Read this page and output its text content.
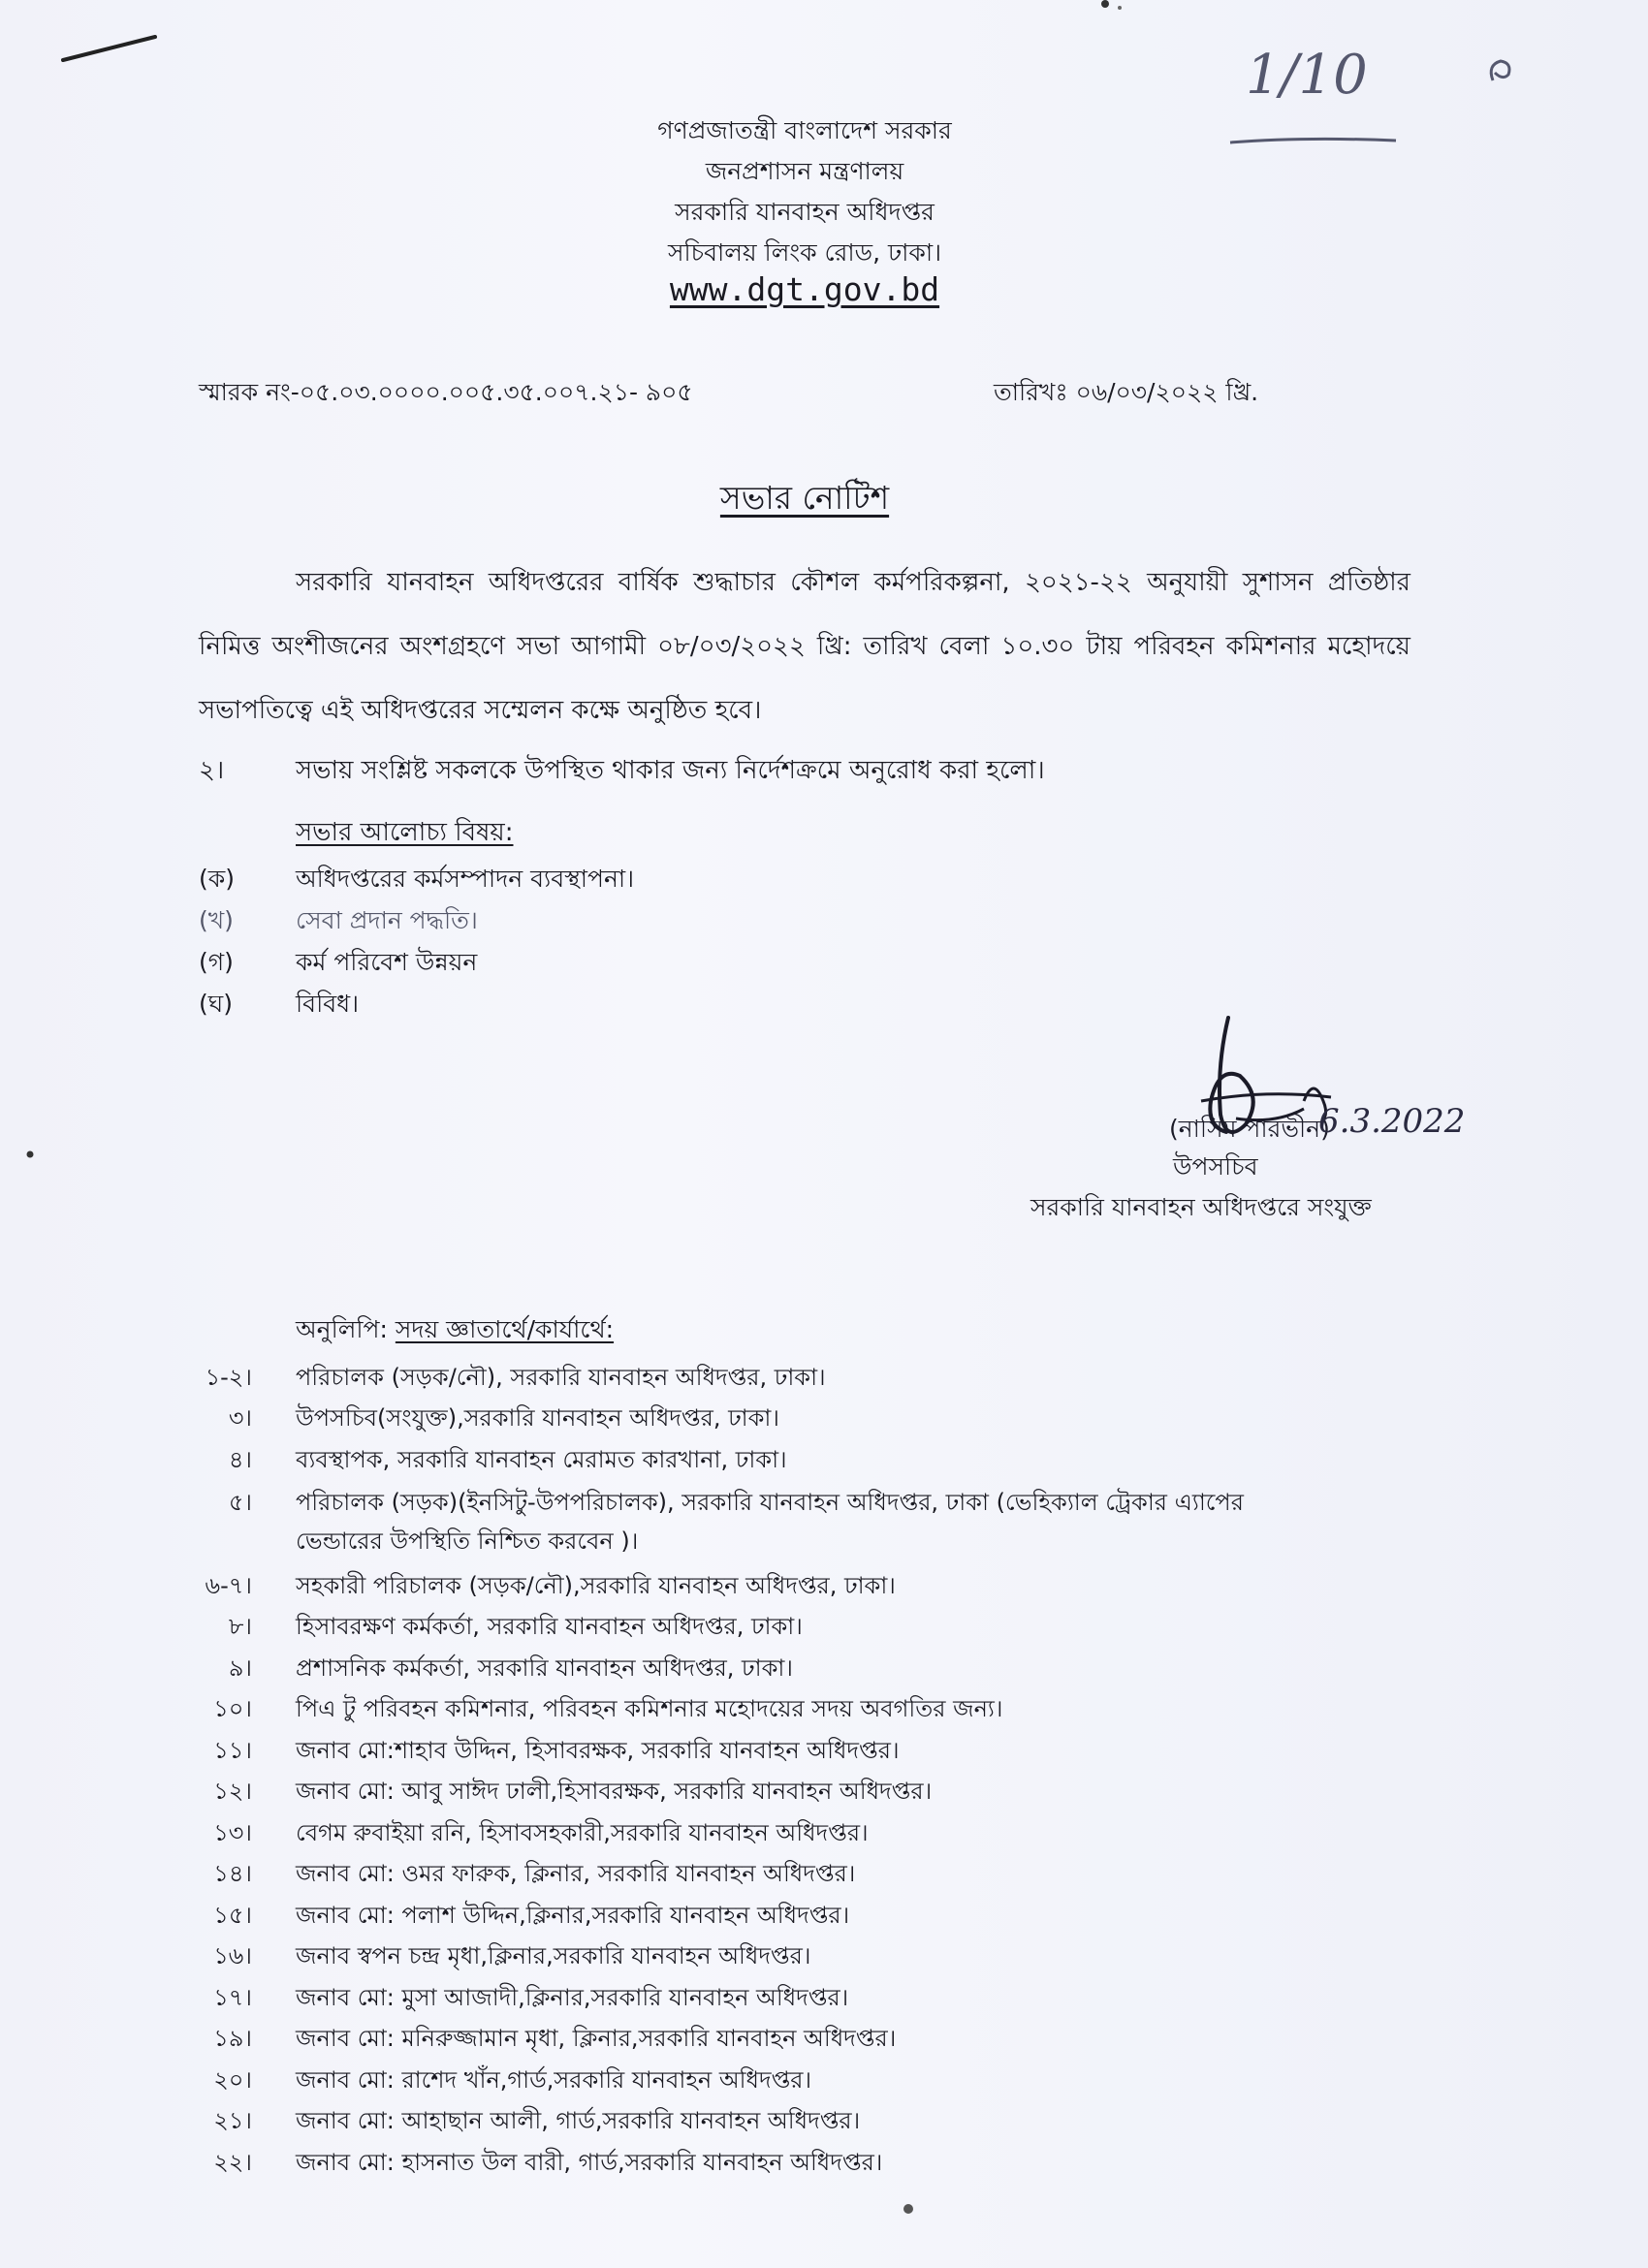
1/10
গণপ্রজাতন্ত্রী বাংলাদেশ সরকার
জনপ্রশাসন মন্ত্রণালয়
সরকারি যানবাহন অধিদপ্তর
সচিবালয় লিংক রোড, ঢাকা।
www.dgt.gov.bd
স্মারক নং-০৫.০৩.০০০০.০০৫.৩৫.০০৭.২১- ৯০৫	তারিখঃ ০৬/০৩/২০২২ খ্রি.
সভার নোটিশ
সরকারি যানবাহন অধিদপ্তরের বার্ষিক শুদ্ধাচার কৌশল কর্মপরিকল্পনা, ২০২১-২২ অনুযায়ী সুশাসন প্রতিষ্ঠার নিমিত্ত অংশীজনের অংশগ্রহণে সভা আগামী ০৮/০৩/২০২২ খ্রি: তারিখ বেলা ১০.৩০ টায় পরিবহন কমিশনার মহোদয়ে সভাপতিত্বে এই অধিদপ্তরের সম্মেলন কক্ষে অনুষ্ঠিত হবে।
২।	সভায় সংশ্লিষ্ট সকলকে উপস্থিত থাকার জন্য নির্দেশক্রমে অনুরোধ করা হলো।
সভার আলোচ্য বিষয়:
(ক)	অধিদপ্তরের কর্মসম্পাদন ব্যবস্থাপনা।
(খ)	সেবা প্রদান পদ্ধতি।
(গ)	কর্ম পরিবেশ উন্নয়ন
(ঘ)	বিবিধ।
(নাসিম পারভীন)
6.3.2022
উপসচিব
সরকারি যানবাহন অধিদপ্তরে সংযুক্ত
অনুলিপি: সদয় জ্ঞাতার্থে/কার্যার্থে:
১-২। পরিচালক (সড়ক/নৌ), সরকারি যানবাহন অধিদপ্তর, ঢাকা।
৩। উপসচিব(সংযুক্ত),সরকারি যানবাহন অধিদপ্তর, ঢাকা।
৪। ব্যবস্থাপক, সরকারি যানবাহন মেরামত কারখানা, ঢাকা।
৫। পরিচালক (সড়ক)(ইনসিটু-উপপরিচালক), সরকারি যানবাহন অধিদপ্তর, ঢাকা (ভেহিক্যাল ট্রেকার এ্যাপের
ভেন্ডারের উপস্থিতি নিশ্চিত করবেন )।
৬-৭। সহকারী পরিচালক (সড়ক/নৌ),সরকারি যানবাহন অধিদপ্তর, ঢাকা।
৮। হিসাবরক্ষণ কর্মকর্তা, সরকারি যানবাহন অধিদপ্তর, ঢাকা।
৯। প্রশাসনিক কর্মকর্তা, সরকারি যানবাহন অধিদপ্তর, ঢাকা।
১০। পিএ টু পরিবহন কমিশনার, পরিবহন কমিশনার মহোদয়ের সদয় অবগতির জন্য।
১১। জনাব মো:শাহাব উদ্দিন, হিসাবরক্ষক, সরকারি যানবাহন অধিদপ্তর।
১২। জনাব মো: আবু সাঈদ ঢালী,হিসাবরক্ষক, সরকারি যানবাহন অধিদপ্তর।
১৩। বেগম রুবাইয়া রনি, হিসাবসহকারী,সরকারি যানবাহন অধিদপ্তর।
১৪। জনাব মো: ওমর ফারুক, ক্লিনার, সরকারি যানবাহন অধিদপ্তর।
১৫। জনাব মো: পলাশ উদ্দিন,ক্লিনার,সরকারি যানবাহন অধিদপ্তর।
১৬। জনাব স্বপন চন্দ্র মৃধা,ক্লিনার,সরকারি যানবাহন অধিদপ্তর।
১৭। জনাব মো: মুসা আজাদী,ক্লিনার,সরকারি যানবাহন অধিদপ্তর।
১৯। জনাব মো: মনিরুজ্জামান মৃধা, ক্লিনার,সরকারি যানবাহন অধিদপ্তর।
২০। জনাব মো: রাশেদ খাঁন,গার্ড,সরকারি যানবাহন অধিদপ্তর।
২১। জনাব মো: আহাছান আলী, গার্ড,সরকারি যানবাহন অধিদপ্তর।
২২। জনাব মো: হাসনাত উল বারী, গার্ড,সরকারি যানবাহন অধিদপ্তর।
